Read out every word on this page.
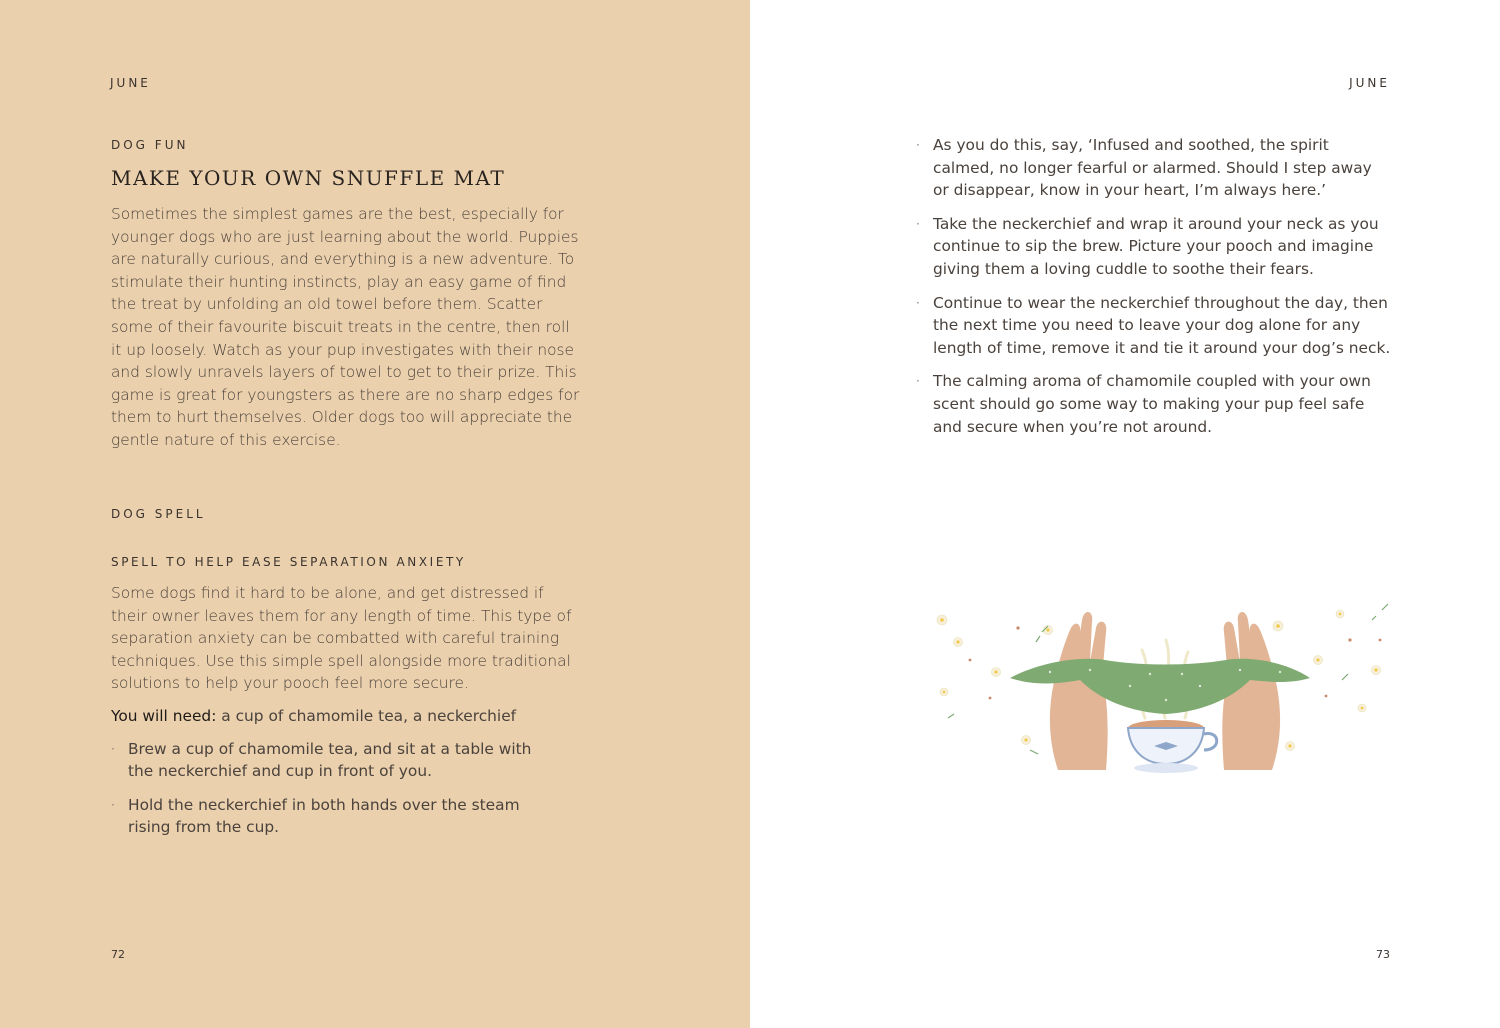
JUNE

DOG FUN

MAKE YOUR OWN SNUFFLE MAT

Sometimes the simplest games are the best, especially for younger dogs who are just learning about the world. Puppies are naturally curious, and everything is a new adventure. To stimulate their hunting instincts, play an easy game of find the treat by unfolding an old towel before them. Scatter some of their favourite biscuit treats in the centre, then roll it up loosely. Watch as your pup investigates with their nose and slowly unravels layers of towel to get to their prize. This game is great for youngsters as there are no sharp edges for them to hurt themselves. Older dogs too will appreciate the gentle nature of this exercise.

DOG SPELL

SPELL TO HELP EASE SEPARATION ANXIETY

Some dogs find it hard to be alone, and get distressed if their owner leaves them for any length of time. This type of separation anxiety can be combatted with careful training techniques. Use this simple spell alongside more traditional solutions to help your pooch feel more secure.

You will need: a cup of chamomile tea, a neckerchief

· Brew a cup of chamomile tea, and sit at a table with the neckerchief and cup in front of you.
· Hold the neckerchief in both hands over the steam rising from the cup.
72
JUNE
73
· As you do this, say, ‘Infused and soothed, the spirit calmed, no longer fearful or alarmed. Should I step away or disappear, know in your heart, I’m always here.’
· Take the neckerchief and wrap it around your neck as you continue to sip the brew. Picture your pooch and imagine giving them a loving cuddle to soothe their fears.
· Continue to wear the neckerchief throughout the day, then the next time you need to leave your dog alone for any length of time, remove it and tie it around your dog’s neck.
· The calming aroma of chamomile coupled with your own scent should go some way to making your pup feel safe and secure when you’re not around.
